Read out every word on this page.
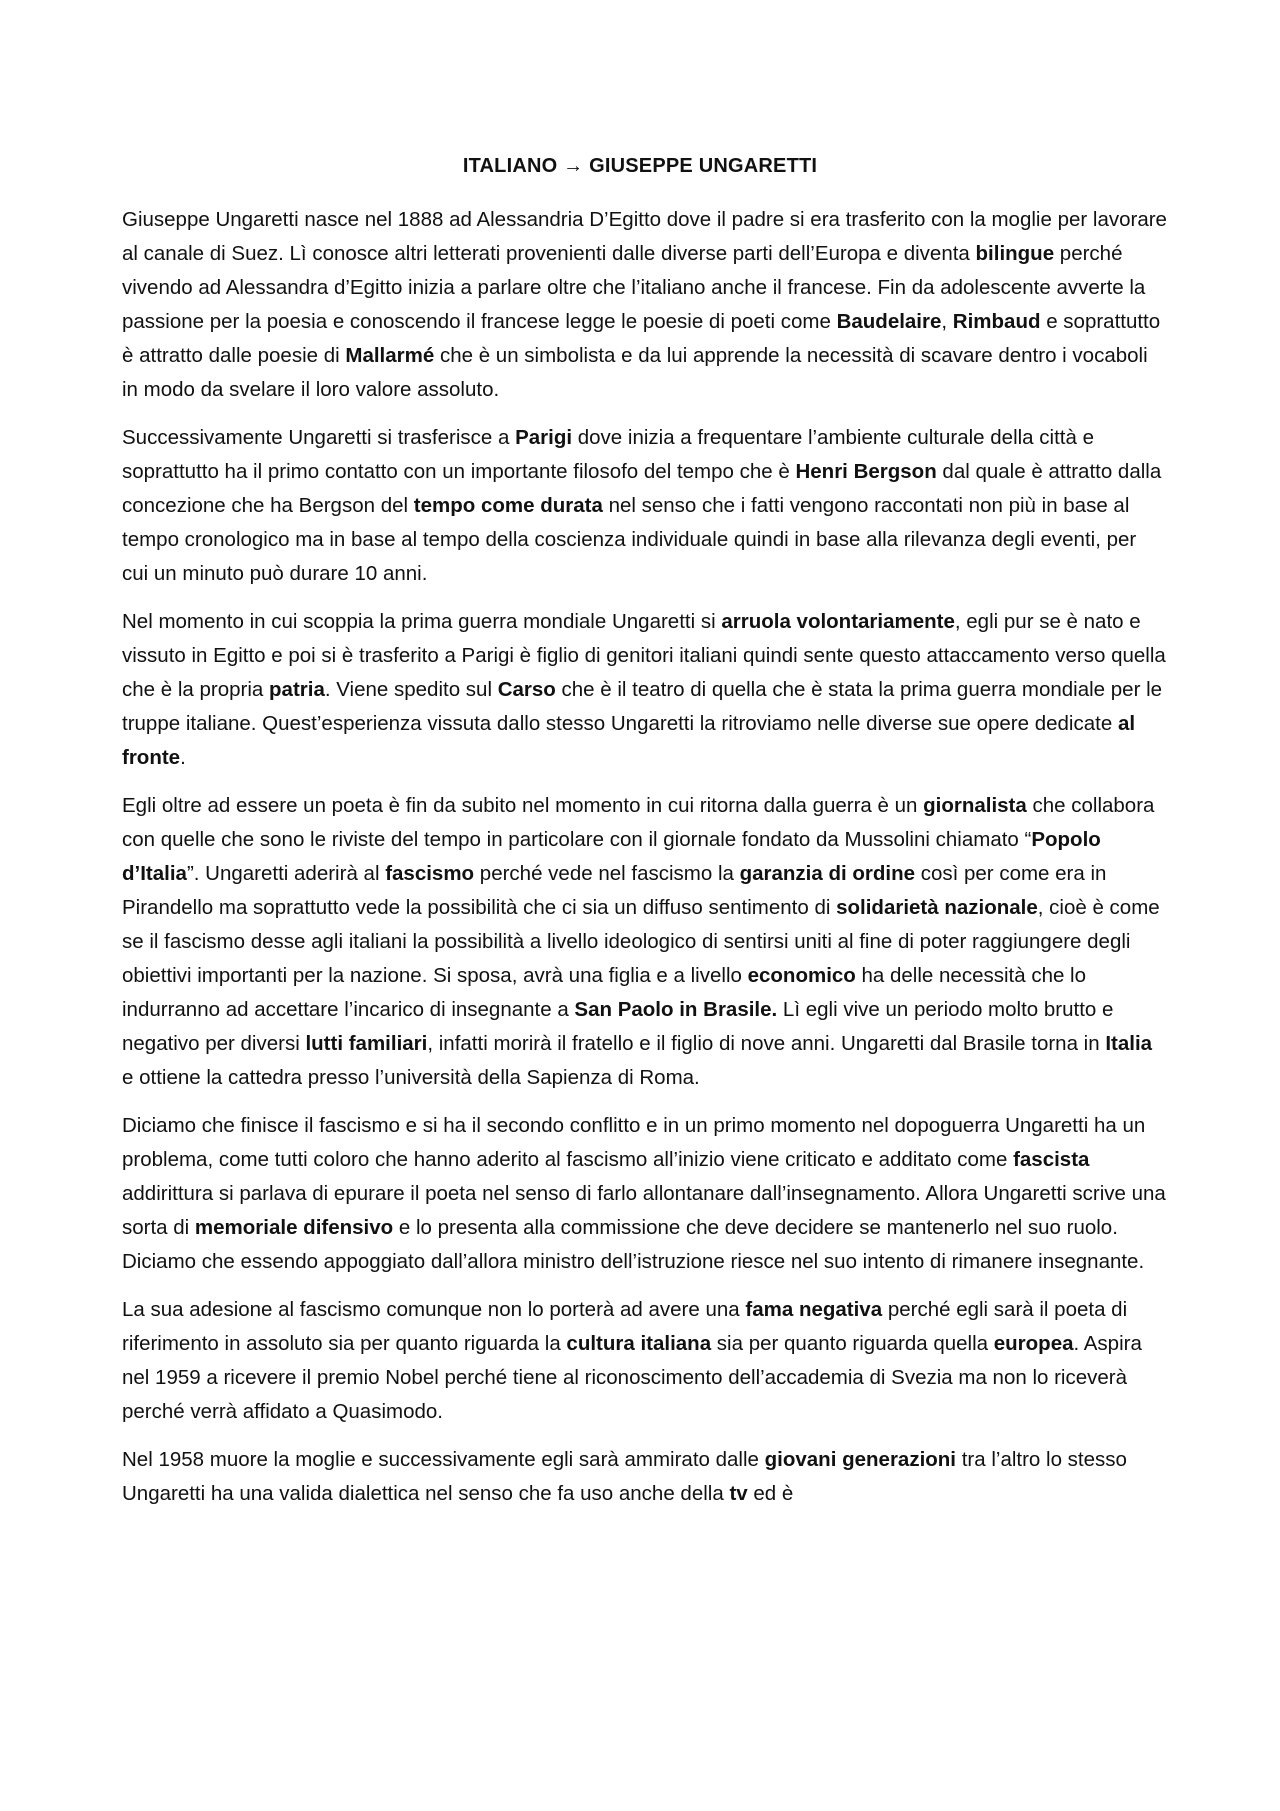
ITALIANO → GIUSEPPE UNGARETTI

Giuseppe Ungaretti nasce nel 1888 ad Alessandria D’Egitto dove il padre si era trasferito con la moglie per lavorare al canale di Suez. Lì conosce altri letterati provenienti dalle diverse parti dell’Europa e diventa bilingue perché vivendo ad Alessandra d’Egitto inizia a parlare oltre che l’italiano anche il francese. Fin da adolescente avverte la passione per la poesia e conoscendo il francese legge le poesie di poeti come Baudelaire, Rimbaud e soprattutto è attratto dalle poesie di Mallarmé che è un simbolista e da lui apprende la necessità di scavare dentro i vocaboli in modo da svelare il loro valore assoluto.

Successivamente Ungaretti si trasferisce a Parigi dove inizia a frequentare l’ambiente culturale della città e soprattutto ha il primo contatto con un importante filosofo del tempo che è Henri Bergson dal quale è attratto dalla concezione che ha Bergson del tempo come durata nel senso che i fatti vengono raccontati non più in base al tempo cronologico ma in base al tempo della coscienza individuale quindi in base alla rilevanza degli eventi, per cui un minuto può durare 10 anni.

Nel momento in cui scoppia la prima guerra mondiale Ungaretti si arruola volontariamente, egli pur se è nato e vissuto in Egitto e poi si è trasferito a Parigi è figlio di genitori italiani quindi sente questo attaccamento verso quella che è la propria patria. Viene spedito sul Carso che è il teatro di quella che è stata la prima guerra mondiale per le truppe italiane. Quest’esperienza vissuta dallo stesso Ungaretti la ritroviamo nelle diverse sue opere dedicate al fronte.

Egli oltre ad essere un poeta è fin da subito nel momento in cui ritorna dalla guerra è un giornalista che collabora con quelle che sono le riviste del tempo in particolare con il giornale fondato da Mussolini chiamato “Popolo d’Italia”. Ungaretti aderirà al fascismo perché vede nel fascismo la garanzia di ordine così per come era in Pirandello ma soprattutto vede la possibilità che ci sia un diffuso sentimento di solidarietà nazionale, cioè è come se il fascismo desse agli italiani la possibilità a livello ideologico di sentirsi uniti al fine di poter raggiungere degli obiettivi importanti per la nazione. Si sposa, avrà una figlia e a livello economico ha delle necessità che lo indurranno ad accettare l’incarico di insegnante a San Paolo in Brasile. Lì egli vive un periodo molto brutto e negativo per diversi lutti familiari, infatti morirà il fratello e il figlio di nove anni. Ungaretti dal Brasile torna in Italia e ottiene la cattedra presso l’università della Sapienza di Roma.

Diciamo che finisce il fascismo e si ha il secondo conflitto e in un primo momento nel dopoguerra Ungaretti ha un problema, come tutti coloro che hanno aderito al fascismo all’inizio viene criticato e additato come fascista addirittura si parlava di epurare il poeta nel senso di farlo allontanare dall’insegnamento. Allora Ungaretti scrive una sorta di memoriale difensivo e lo presenta alla commissione che deve decidere se mantenerlo nel suo ruolo. Diciamo che essendo appoggiato dall’allora ministro dell’istruzione riesce nel suo intento di rimanere insegnante.

La sua adesione al fascismo comunque non lo porterà ad avere una fama negativa perché egli sarà il poeta di riferimento in assoluto sia per quanto riguarda la cultura italiana sia per quanto riguarda quella europea. Aspira nel 1959 a ricevere il premio Nobel perché tiene al riconoscimento dell’accademia di Svezia ma non lo riceverà perché verrà affidato a Quasimodo.

Nel 1958 muore la moglie e successivamente egli sarà ammirato dalle giovani generazioni tra l’altro lo stesso Ungaretti ha una valida dialettica nel senso che fa uso anche della tv ed è
